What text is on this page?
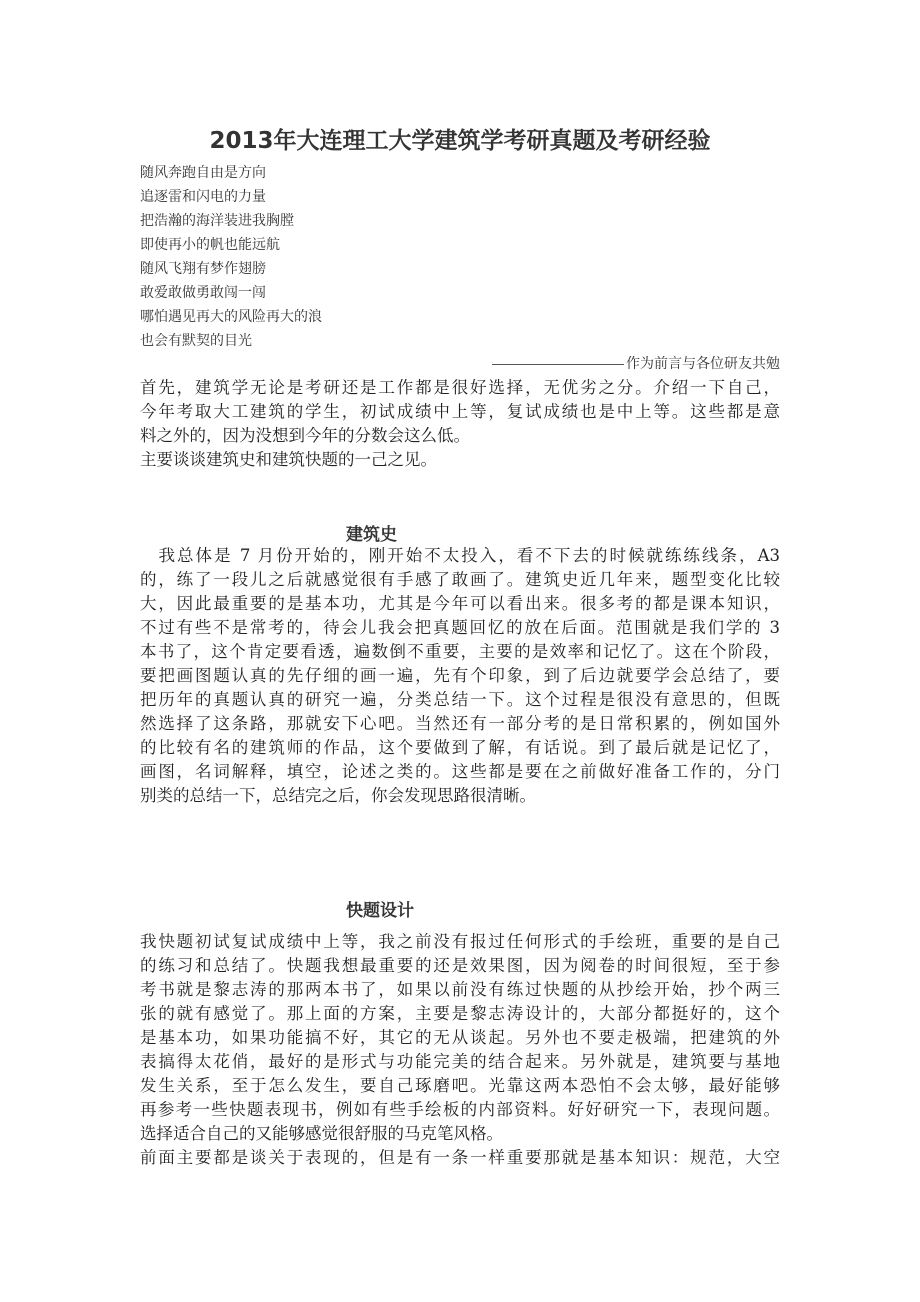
2013年大连理工大学建筑学考研真题及考研经验
随风奔跑自由是方向
追逐雷和闪电的力量
把浩瀚的海洋装进我胸膛
即使再小的帆也能远航
随风飞翔有梦作翅膀
敢爱敢做勇敢闯一闯
哪怕遇见再大的风险再大的浪
也会有默契的目光
作为前言与各位研友共勉
首先，建筑学无论是考研还是工作都是很好选择，无优劣之分。介绍一下自己，
今年考取大工建筑的学生，初试成绩中上等，复试成绩也是中上等。这些都是意
料之外的，因为没想到今年的分数会这么低。
主要谈谈建筑史和建筑快题的一己之见。
建筑史
　我总体是 7 月份开始的，刚开始不太投入，看不下去的时候就练练线条，A3
的，练了一段儿之后就感觉很有手感了敢画了。建筑史近几年来，题型变化比较
大，因此最重要的是基本功，尤其是今年可以看出来。很多考的都是课本知识，
不过有些不是常考的，待会儿我会把真题回忆的放在后面。范围就是我们学的 3
本书了，这个肯定要看透，遍数倒不重要，主要的是效率和记忆了。这在个阶段，
要把画图题认真的先仔细的画一遍，先有个印象，到了后边就要学会总结了，要
把历年的真题认真的研究一遍，分类总结一下。这个过程是很没有意思的，但既
然选择了这条路，那就安下心吧。当然还有一部分考的是日常积累的，例如国外
的比较有名的建筑师的作品，这个要做到了解，有话说。到了最后就是记忆了，
画图，名词解释，填空，论述之类的。这些都是要在之前做好准备工作的，分门
别类的总结一下，总结完之后，你会发现思路很清晰。
快题设计
我快题初试复试成绩中上等，我之前没有报过任何形式的手绘班，重要的是自己
的练习和总结了。快题我想最重要的还是效果图，因为阅卷的时间很短，至于参
考书就是黎志涛的那两本书了，如果以前没有练过快题的从抄绘开始，抄个两三
张的就有感觉了。那上面的方案，主要是黎志涛设计的，大部分都挺好的，这个
是基本功，如果功能搞不好，其它的无从谈起。另外也不要走极端，把建筑的外
表搞得太花俏，最好的是形式与功能完美的结合起来。另外就是，建筑要与基地
发生关系，至于怎么发生，要自己琢磨吧。光靠这两本恐怕不会太够，最好能够
再参考一些快题表现书，例如有些手绘板的内部资料。好好研究一下，表现问题。
选择适合自己的又能够感觉很舒服的马克笔风格。
前面主要都是谈关于表现的，但是有一条一样重要那就是基本知识：规范，大空
